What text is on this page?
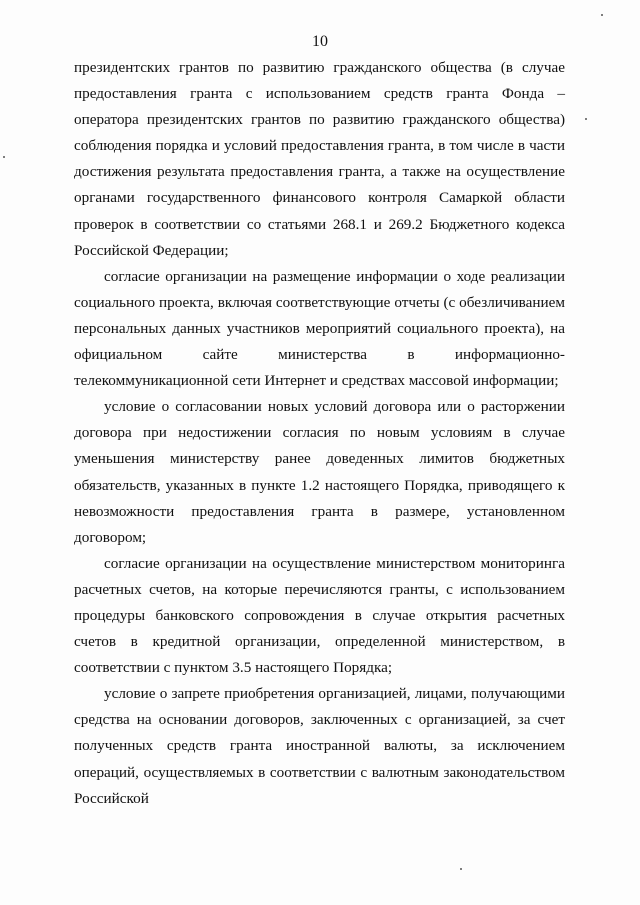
10

президентских грантов по развитию гражданского общества (в случае предоставления гранта с использованием средств гранта Фонда – оператора президентских грантов по развитию гражданского общества) соблюдения порядка и условий предоставления гранта, в том числе в части достижения результата предоставления гранта, а также на осуществление органами государственного финансового контроля Самаркой области проверок в соответствии со статьями 268.1 и 269.2 Бюджетного кодекса Российской Федерации;

согласие организации на размещение информации о ходе реализации социального проекта, включая соответствующие отчеты (с обезличиванием персональных данных участников мероприятий социального проекта), на официальном сайте министерства в информационно-телекоммуникационной сети Интернет и средствах массовой информации;

условие о согласовании новых условий договора или о расторжении договора при недостижении согласия по новым условиям в случае уменьшения министерству ранее доведенных лимитов бюджетных обязательств, указанных в пункте 1.2 настоящего Порядка, приводящего к невозможности предоставления гранта в размере, установленном договором;

согласие организации на осуществление министерством мониторинга расчетных счетов, на которые перечисляются гранты, с использованием процедуры банковского сопровождения в случае открытия расчетных счетов в кредитной организации, определенной министерством, в соответствии с пунктом 3.5 настоящего Порядка;

условие о запрете приобретения организацией, лицами, получающими средства на основании договоров, заключенных с организацией, за счет полученных средств гранта иностранной валюты, за исключением операций, осуществляемых в соответствии с валютным законодательством Российской
